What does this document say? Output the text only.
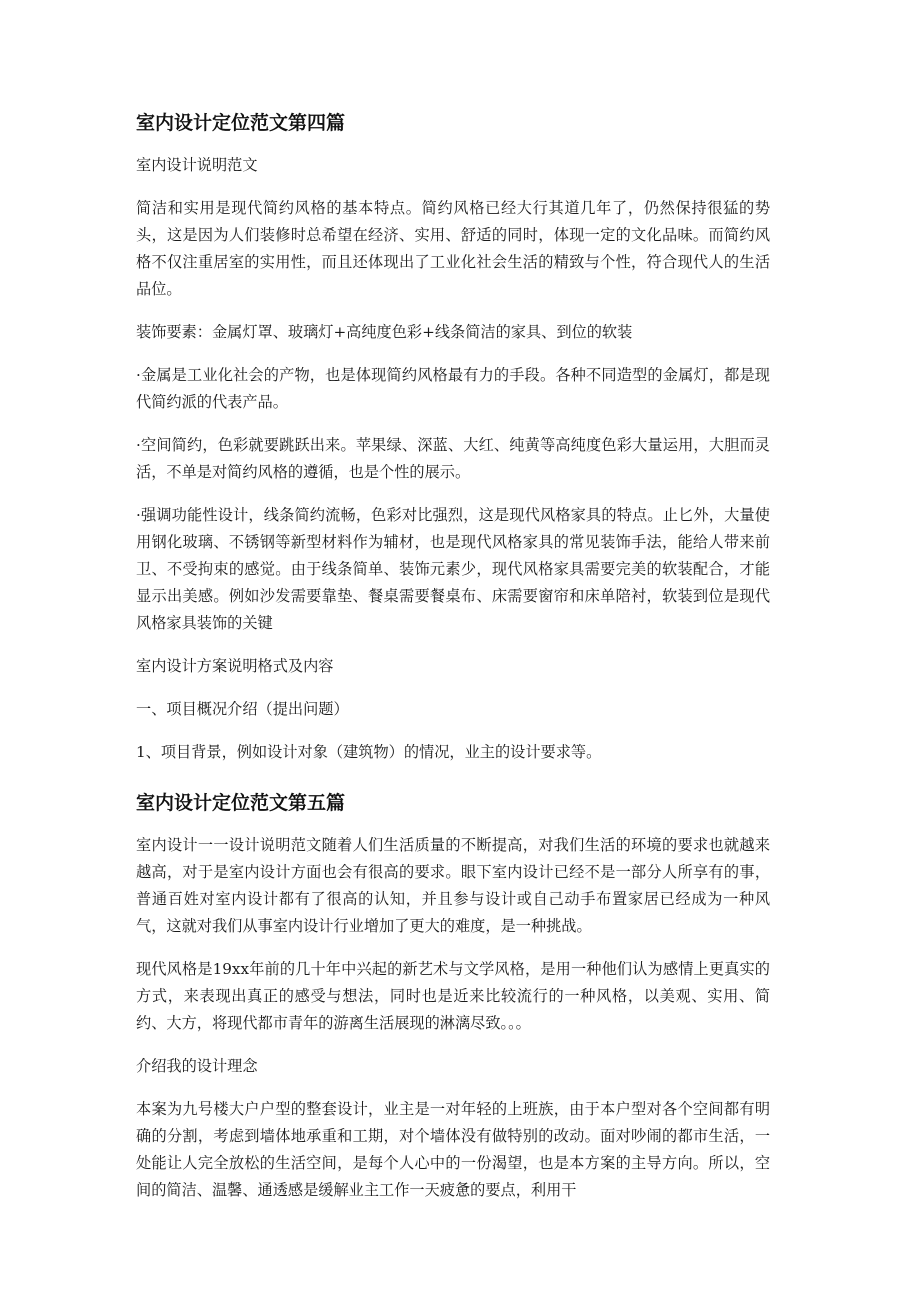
室内设计定位范文第四篇

室内设计说明范文

简洁和实用是现代简约风格的基本特点。简约风格已经大行其道几年了，仍然保持很猛的势头，这是因为人们装修时总希望在经济、实用、舒适的同时，体现一定的文化品味。而简约风格不仅注重居室的实用性，而且还体现出了工业化社会生活的精致与个性，符合现代人的生活品位。

装饰要素：金属灯罩、玻璃灯+高纯度色彩+线条简洁的家具、到位的软装

·金属是工业化社会的产物，也是体现简约风格最有力的手段。各种不同造型的金属灯，都是现代简约派的代表产品。

·空间简约，色彩就要跳跃出来。苹果绿、深蓝、大红、纯黄等高纯度色彩大量运用，大胆而灵活，不单是对简约风格的遵循，也是个性的展示。

·强调功能性设计，线条简约流畅，色彩对比强烈，这是现代风格家具的特点。止匕外，大量使用钢化玻璃、不锈钢等新型材料作为辅材，也是现代风格家具的常见装饰手法，能给人带来前卫、不受拘束的感觉。由于线条简单、装饰元素少，现代风格家具需要完美的软装配合，才能显示出美感。例如沙发需要靠垫、餐桌需要餐桌布、床需要窗帘和床单陪衬，软装到位是现代风格家具装饰的关键

室内设计方案说明格式及内容

一、项目概况介绍（提出问题）

1、项目背景，例如设计对象（建筑物）的情况，业主的设计要求等。

室内设计定位范文第五篇

室内设计一一设计说明范文随着人们生活质量的不断提高，对我们生活的环境的要求也就越来越高，对于是室内设计方面也会有很高的要求。眼下室内设计已经不是一部分人所享有的事，普通百姓对室内设计都有了很高的认知，并且参与设计或自己动手布置家居已经成为一种风气，这就对我们从事室内设计行业增加了更大的难度，是一种挑战。

现代风格是19xx年前的几十年中兴起的新艺术与文学风格，是用一种他们认为感情上更真实的方式，来表现出真正的感受与想法，同时也是近来比较流行的一种风格，以美观、实用、简约、大方，将现代都市青年的游离生活展现的淋漓尽致。。。

介绍我的设计理念

本案为九号楼大户户型的整套设计，业主是一对年轻的上班族，由于本户型对各个空间都有明确的分割，考虑到墙体地承重和工期，对个墙体没有做特别的改动。面对吵闹的都市生活，一处能让人完全放松的生活空间，是每个人心中的一份渴望，也是本方案的主导方向。所以，空间的简洁、温馨、通透感是缓解业主工作一天疲惫的要点，利用干
